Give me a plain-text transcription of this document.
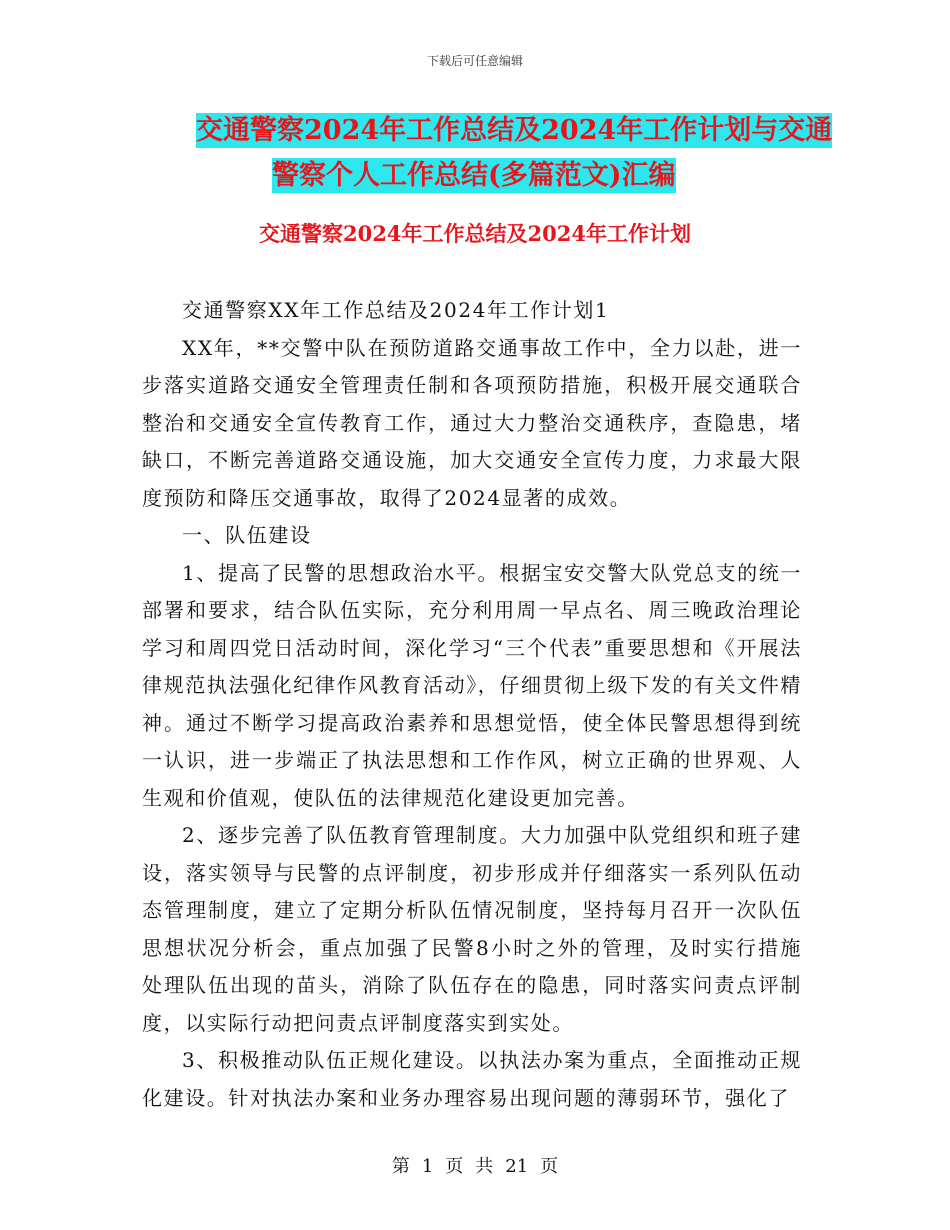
下载后可任意编辑
交通警察2024年工作总结及2024年工作计划与交通
警察个人工作总结(多篇范文)汇编
交通警察2024年工作总结及2024年工作计划

交通警察XX年工作总结及2024年工作计划1

XX年，**交警中队在预防道路交通事故工作中，全力以赴，进一步落实道路交通安全管理责任制和各项预防措施，积极开展交通联合整治和交通安全宣传教育工作，通过大力整治交通秩序，查隐患，堵缺口，不断完善道路交通设施，加大交通安全宣传力度，力求最大限度预防和降压交通事故，取得了2024显著的成效。

一、队伍建设

1、提高了民警的思想政治水平。根据宝安交警大队党总支的统一部署和要求，结合队伍实际，充分利用周一早点名、周三晚政治理论学习和周四党日活动时间，深化学习“三个代表”重要思想和《开展法律规范执法强化纪律作风教育活动》，仔细贯彻上级下发的有关文件精神。通过不断学习提高政治素养和思想觉悟，使全体民警思想得到统一认识，进一步端正了执法思想和工作作风，树立正确的世界观、人生观和价值观，使队伍的法律规范化建设更加完善。

2、逐步完善了队伍教育管理制度。大力加强中队党组织和班子建设，落实领导与民警的点评制度，初步形成并仔细落实一系列队伍动态管理制度，建立了定期分析队伍情况制度，坚持每月召开一次队伍思想状况分析会，重点加强了民警8小时之外的管理，及时实行措施处理队伍出现的苗头，消除了队伍存在的隐患，同时落实问责点评制度，以实际行动把问责点评制度落实到实处。

3、积极推动队伍正规化建设。以执法办案为重点，全面推动正规化建设。针对执法办案和业务办理容易出现问题的薄弱环节，强化了

第 1 页 共 21 页
